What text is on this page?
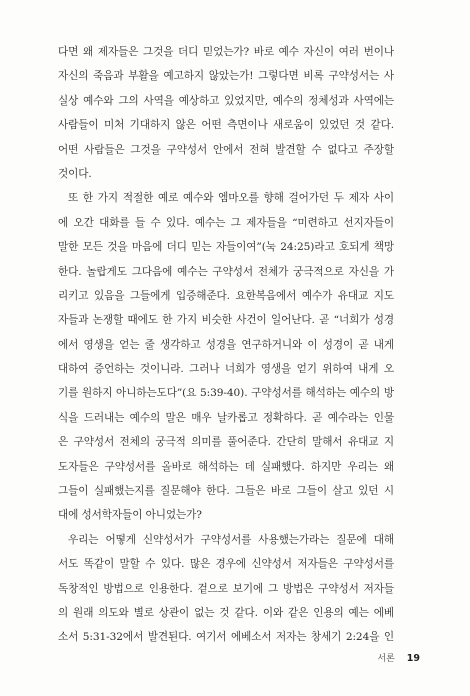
다면 왜 제자들은 그것을 더디 믿었는가? 바로 예수 자신이 여러 번이나
자신의 죽음과 부활을 예고하지 않았는가! 그렇다면 비록 구약성서는 사
실상 예수와 그의 사역을 예상하고 있었지만, 예수의 정체성과 사역에는
사람들이 미처 기대하지 않은 어떤 측면이나 새로움이 있었던 것 같다.
어떤 사람들은 그것을 구약성서 안에서 전혀 발견할 수 없다고 주장할
것이다.
또 한 가지 적절한 예로 예수와 엠마오를 향해 걸어가던 두 제자 사이
에 오간 대화를 들 수 있다. 예수는 그 제자들을 “미련하고 선지자들이
말한 모든 것을 마음에 더디 믿는 자들이여”(눅 24:25)라고 호되게 책망
한다. 놀랍게도 그다음에 예수는 구약성서 전체가 궁극적으로 자신을 가
리키고 있음을 그들에게 입증해준다. 요한복음에서 예수가 유대교 지도
자들과 논쟁할 때에도 한 가지 비슷한 사건이 일어난다. 곧 “너희가 성경
에서 영생을 얻는 줄 생각하고 성경을 연구하거니와 이 성경이 곧 내게
대하여 증언하는 것이니라. 그러나 너희가 영생을 얻기 위하여 내게 오
기를 원하지 아니하는도다”(요 5:39-40). 구약성서를 해석하는 예수의 방
식을 드러내는 예수의 말은 매우 날카롭고 정확하다. 곧 예수라는 인물
은 구약성서 전체의 궁극적 의미를 풀어준다. 간단히 말해서 유대교 지
도자들은 구약성서를 올바로 해석하는 데 실패했다. 하지만 우리는 왜
그들이 실패했는지를 질문해야 한다. 그들은 바로 그들이 살고 있던 시
대에 성서학자들이 아니었는가?
우리는 어떻게 신약성서가 구약성서를 사용했는가라는 질문에 대해
서도 똑같이 말할 수 있다. 많은 경우에 신약성서 저자들은 구약성서를
독창적인 방법으로 인용한다. 겉으로 보기에 그 방법은 구약성서 저자들
의 원래 의도와 별로 상관이 없는 것 같다. 이와 같은 인용의 예는 에베
소서 5:31-32에서 발견된다. 여기서 에베소서 저자는 창세기 2:24을 인
서론 19
